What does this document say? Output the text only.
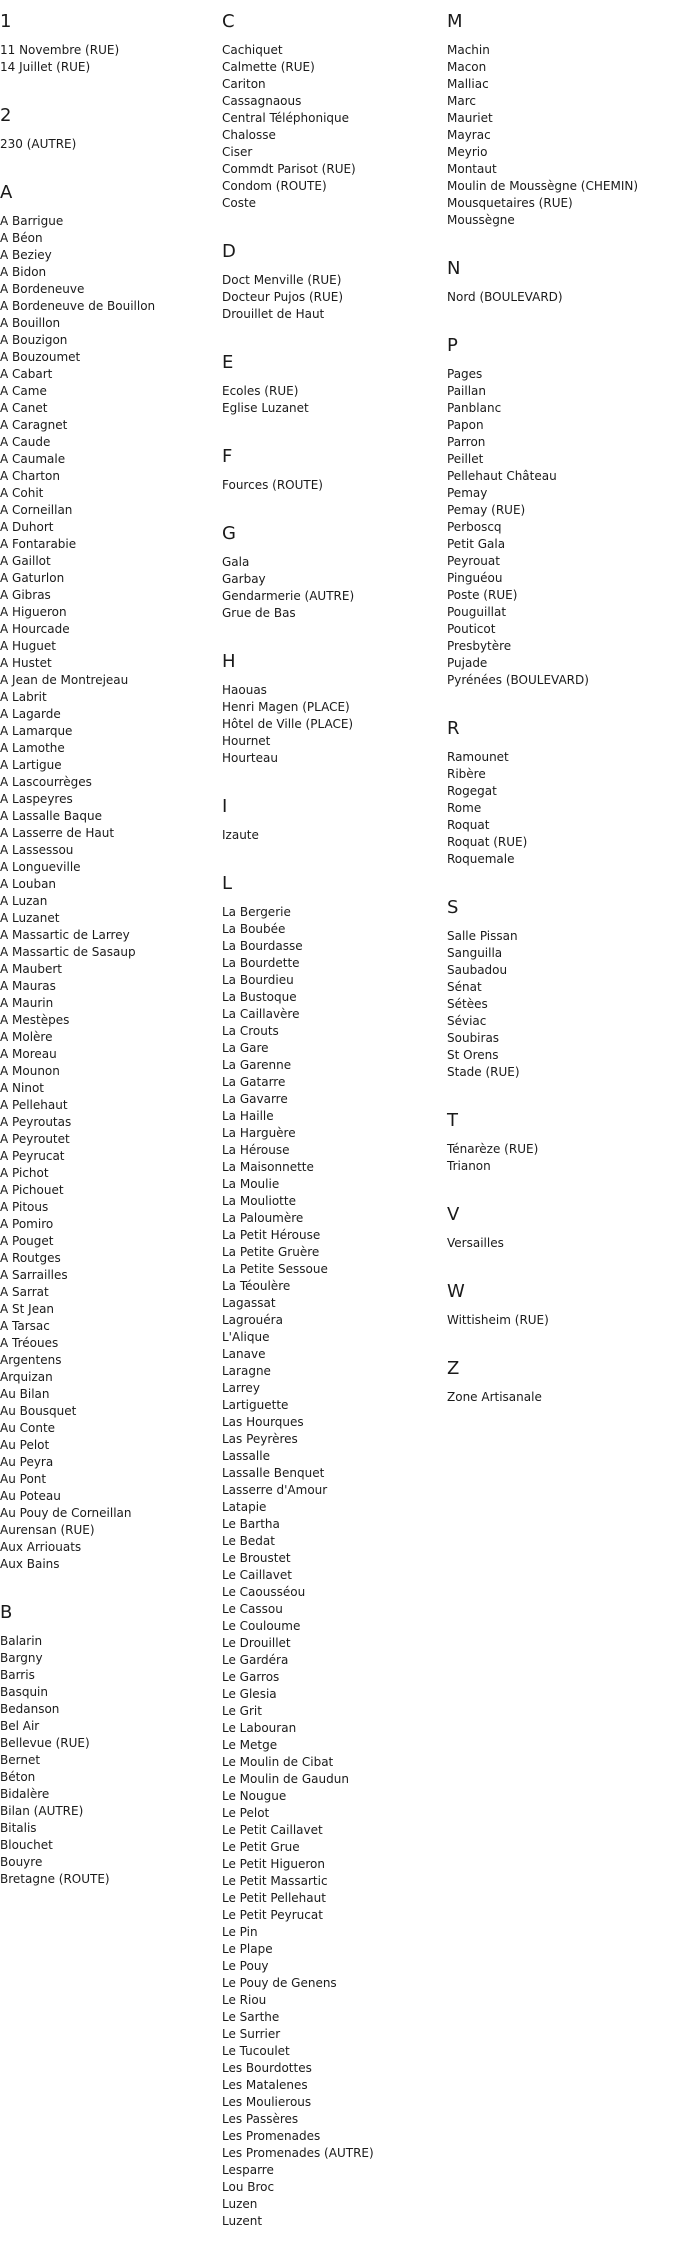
1
11 Novembre (RUE)
14 Juillet (RUE)
2
230 (AUTRE)
A
A Barrigue
A Béon
A Beziey
A Bidon
A Bordeneuve
A Bordeneuve de Bouillon
A Bouillon
A Bouzigon
A Bouzoumet
A Cabart
A Came
A Canet
A Caragnet
A Caude
A Caumale
A Charton
A Cohit
A Corneillan
A Duhort
A Fontarabie
A Gaillot
A Gaturlon
A Gibras
A Higueron
A Hourcade
A Huguet
A Hustet
A Jean de Montrejeau
A Labrit
A Lagarde
A Lamarque
A Lamothe
A Lartigue
A Lascourrèges
A Laspeyres
A Lassalle Baque
A Lasserre de Haut
A Lassessou
A Longueville
A Louban
A Luzan
A Luzanet
A Massartic de Larrey
A Massartic de Sasaup
A Maubert
A Mauras
A Maurin
A Mestèpes
A Molère
A Moreau
A Mounon
A Ninot
A Pellehaut
A Peyroutas
A Peyroutet
A Peyrucat
A Pichot
A Pichouet
A Pitous
A Pomiro
A Pouget
A Routges
A Sarrailles
A Sarrat
A St Jean
A Tarsac
A Tréoues
Argentens
Arquizan
Au Bilan
Au Bousquet
Au Conte
Au Pelot
Au Peyra
Au Pont
Au Poteau
Au Pouy de Corneillan
Aurensan (RUE)
Aux Arriouats
Aux Bains
B
Balarin
Bargny
Barris
Basquin
Bedanson
Bel Air
Bellevue (RUE)
Bernet
Béton
Bidalère
Bilan (AUTRE)
Bitalis
Blouchet
Bouyre
Bretagne (ROUTE)
C
Cachiquet
Calmette (RUE)
Cariton
Cassagnaous
Central Téléphonique
Chalosse
Ciser
Commdt Parisot (RUE)
Condom (ROUTE)
Coste
D
Doct Menville (RUE)
Docteur Pujos (RUE)
Drouillet de Haut
E
Ecoles (RUE)
Eglise Luzanet
F
Fources (ROUTE)
G
Gala
Garbay
Gendarmerie (AUTRE)
Grue de Bas
H
Haouas
Henri Magen (PLACE)
Hôtel de Ville (PLACE)
Hournet
Hourteau
I
Izaute
L
La Bergerie
La Boubée
La Bourdasse
La Bourdette
La Bourdieu
La Bustoque
La Caillavère
La Crouts
La Gare
La Garenne
La Gatarre
La Gavarre
La Haille
La Harguère
La Hérouse
La Maisonnette
La Moulie
La Mouliotte
La Paloumère
La Petit Hérouse
La Petite Gruère
La Petite Sessoue
La Téoulère
Lagassat
Lagrouéra
L'Alique
Lanave
Laragne
Larrey
Lartiguette
Las Hourques
Las Peyrères
Lassalle
Lassalle Benquet
Lasserre d'Amour
Latapie
Le Bartha
Le Bedat
Le Broustet
Le Caillavet
Le Caousséou
Le Cassou
Le Couloume
Le Drouillet
Le Gardéra
Le Garros
Le Glesia
Le Grit
Le Labouran
Le Metge
Le Moulin de Cibat
Le Moulin de Gaudun
Le Nougue
Le Pelot
Le Petit Caillavet
Le Petit Grue
Le Petit Higueron
Le Petit Massartic
Le Petit Pellehaut
Le Petit Peyrucat
Le Pin
Le Plape
Le Pouy
Le Pouy de Genens
Le Riou
Le Sarthe
Le Surrier
Le Tucoulet
Les Bourdottes
Les Matalenes
Les Moulierous
Les Passères
Les Promenades
Les Promenades (AUTRE)
Lesparre
Lou Broc
Luzen
Luzent
M
Machin
Macon
Malliac
Marc
Mauriet
Mayrac
Meyrio
Montaut
Moulin de Moussègne (CHEMIN)
Mousquetaires (RUE)
Moussègne
N
Nord (BOULEVARD)
P
Pages
Paillan
Panblanc
Papon
Parron
Peillet
Pellehaut Château
Pemay
Pemay (RUE)
Perboscq
Petit Gala
Peyrouat
Pinguéou
Poste (RUE)
Pouguillat
Pouticot
Presbytère
Pujade
Pyrénées (BOULEVARD)
R
Ramounet
Ribère
Rogegat
Rome
Roquat
Roquat (RUE)
Roquemale
S
Salle Pissan
Sanguilla
Saubadou
Sénat
Sétèes
Séviac
Soubiras
St Orens
Stade (RUE)
T
Ténarèze (RUE)
Trianon
V
Versailles
W
Wittisheim (RUE)
Z
Zone Artisanale
